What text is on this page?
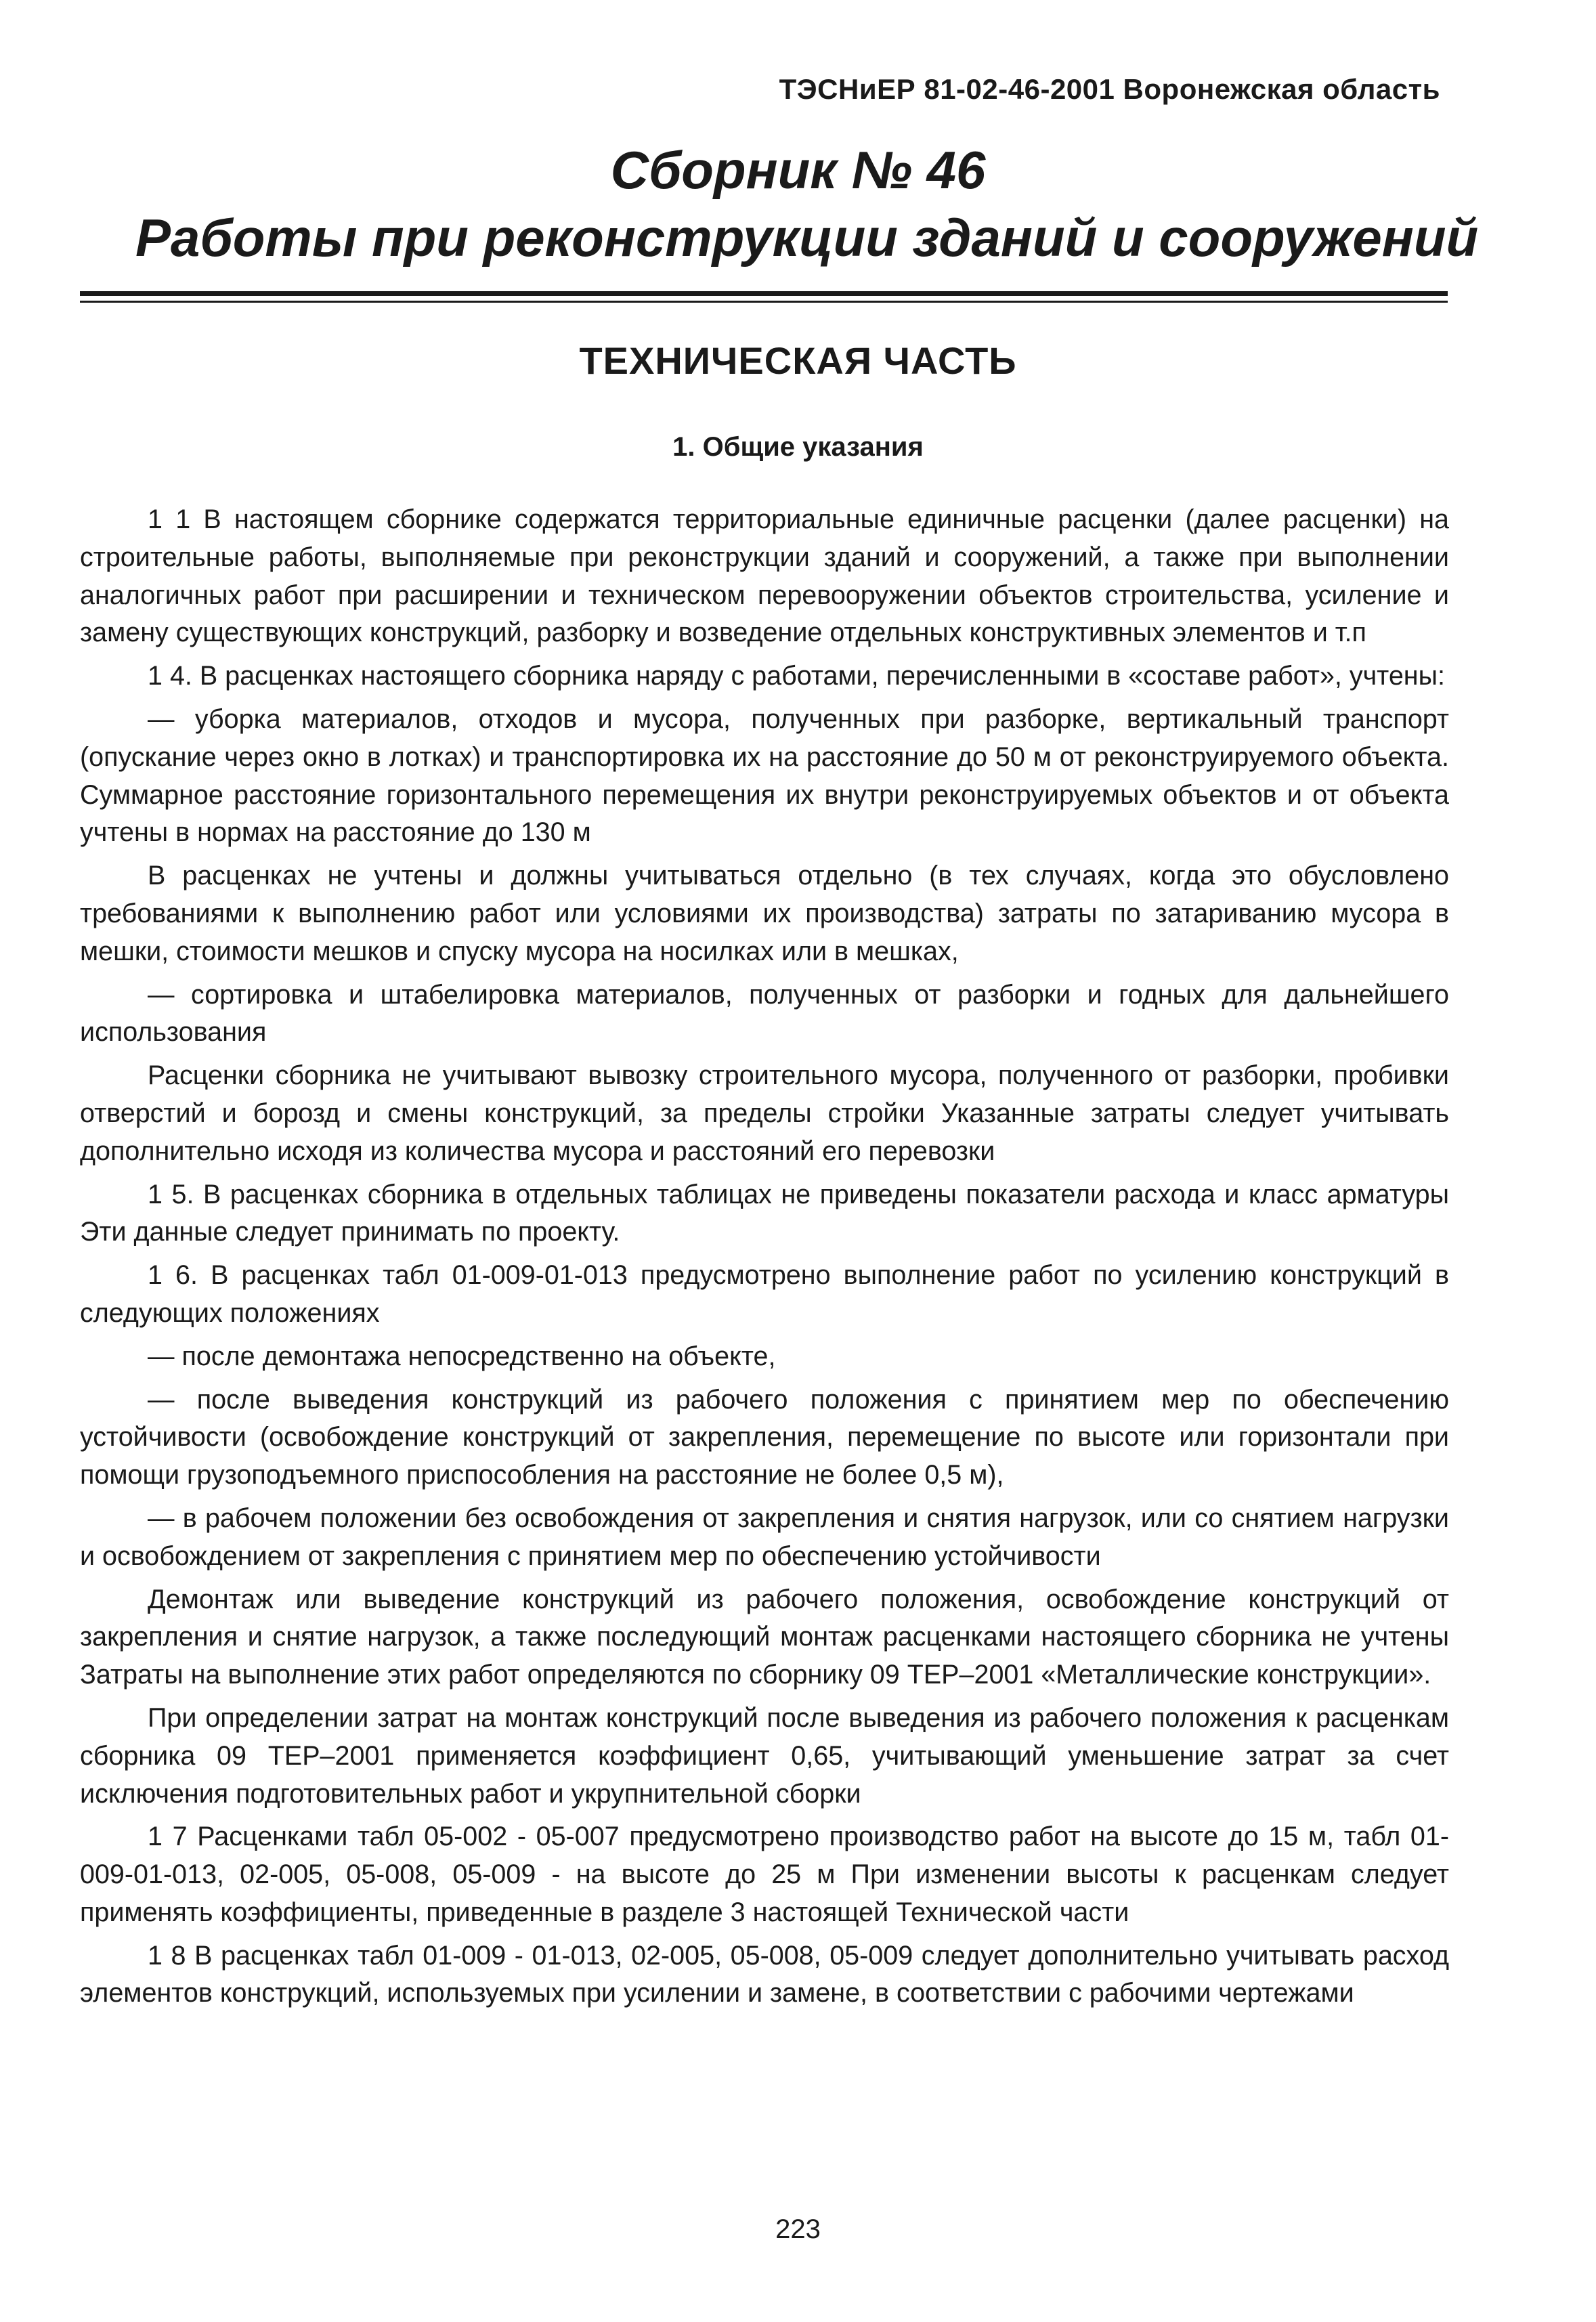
ТЭСНиЕР 81-02-46-2001 Воронежская область
Сборник № 46
Работы при реконструкции зданий и сооружений
ТЕХНИЧЕСКАЯ ЧАСТЬ
1. Общие указания

1 1 В настоящем сборнике содержатся территориальные единичные расценки (далее расценки) на строительные работы, выполняемые при реконструкции зданий и сооружений, а также при выполнении аналогичных работ при расширении и техническом перевооружении объектов строительства, усиление и замену существующих конструкций, разборку и возведение отдельных конструктивных элементов и т.п

1 4. В расценках настоящего сборника наряду с работами, перечисленными в «составе работ», учтены:

— уборка материалов, отходов и мусора, полученных при разборке, вертикальный транспорт (опускание через окно в лотках) и транспортировка их на расстояние до 50 м от реконструируемого объекта. Суммарное расстояние горизонтального перемещения их внутри реконструируемых объектов и от объекта учтены в нормах на расстояние до 130 м

В расценках не учтены и должны учитываться отдельно (в тех случаях, когда это обусловлено требованиями к выполнению работ или условиями их производства) затраты по затариванию мусора в мешки, стоимости мешков и спуску мусора на носилках или в мешках,

— сортировка и штабелировка материалов, полученных от разборки и годных для дальнейшего использования

Расценки сборника не учитывают вывозку строительного мусора, полученного от разборки, пробивки отверстий и борозд и смены конструкций, за пределы стройки Указанные затраты следует учитывать дополнительно исходя из количества мусора и расстояний его перевозки

1 5. В расценках сборника в отдельных таблицах не приведены показатели расхода и класс арматуры Эти данные следует принимать по проекту.

1 6. В расценках табл 01-009-01-013 предусмотрено выполнение работ по усилению конструкций в следующих положениях

— после демонтажа непосредственно на объекте,

— после выведения конструкций из рабочего положения с принятием мер по обеспечению устойчивости (освобождение конструкций от закрепления, перемещение по высоте или горизонтали при помощи грузоподъемного приспособления на расстояние не более 0,5 м),

— в рабочем положении без освобождения от закрепления и снятия нагрузок, или со снятием нагрузки и освобождением от закрепления с принятием мер по обеспечению устойчивости

Демонтаж или выведение конструкций из рабочего положения, освобождение конструкций от закрепления и снятие нагрузок, а также последующий монтаж расценками настоящего сборника не учтены Затраты на выполнение этих работ определяются по сборнику 09 ТЕР–2001 «Металлические конструкции».

При определении затрат на монтаж конструкций после выведения из рабочего положения к расценкам сборника 09 ТЕР–2001 применяется коэффициент 0,65, учитывающий уменьшение затрат за счет исключения подготовительных работ и укрупнительной сборки

1 7 Расценками табл 05-002 - 05-007 предусмотрено производство работ на высоте до 15 м, табл 01-009-01-013, 02-005, 05-008, 05-009 - на высоте до 25 м При изменении высоты к расценкам следует применять коэффициенты, приведенные в разделе 3 настоящей Технической части

1 8 В расценках табл 01-009 - 01-013, 02-005, 05-008, 05-009 следует дополнительно учитывать расход элементов конструкций, используемых при усилении и замене, в соответствии с рабочими чертежами

223
